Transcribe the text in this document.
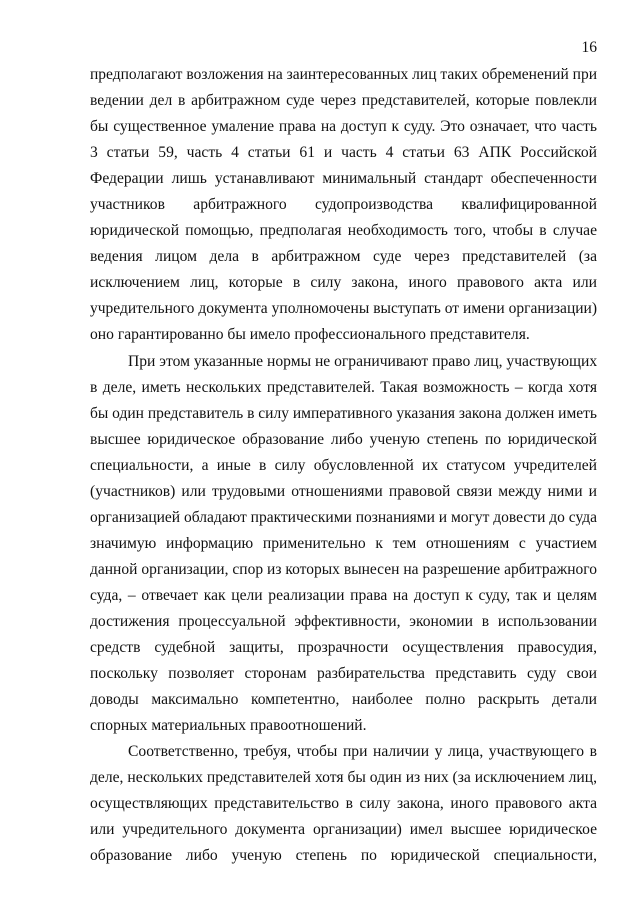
16
предполагают возложения на заинтересованных лиц таких обременений при
ведении дел в арбитражном суде через представителей, которые повлекли
бы существенное умаление права на доступ к суду. Это означает, что часть
3 статьи 59, часть 4 статьи 61 и часть 4 статьи 63 АПК Российской
Федерации лишь устанавливают минимальный стандарт обеспеченности
участников арбитражного судопроизводства квалифицированной
юридической помощью, предполагая необходимость того, чтобы в случае
ведения лицом дела в арбитражном суде через представителей (за
исключением лиц, которые в силу закона, иного правового акта или
учредительного документа уполномочены выступать от имени организации)
оно гарантированно бы имело профессионального представителя.
При этом указанные нормы не ограничивают право лиц, участвующих
в деле, иметь нескольких представителей. Такая возможность – когда хотя
бы один представитель в силу императивного указания закона должен иметь
высшее юридическое образование либо ученую степень по юридической
специальности, а иные в силу обусловленной их статусом учредителей
(участников) или трудовыми отношениями правовой связи между ними и
организацией обладают практическими познаниями и могут довести до суда
значимую информацию применительно к тем отношениям с участием
данной организации, спор из которых вынесен на разрешение арбитражного
суда, – отвечает как цели реализации права на доступ к суду, так и целям
достижения процессуальной эффективности, экономии в использовании
средств судебной защиты, прозрачности осуществления правосудия,
поскольку позволяет сторонам разбирательства представить суду свои
доводы максимально компетентно, наиболее полно раскрыть детали
спорных материальных правоотношений.
Соответственно, требуя, чтобы при наличии у лица, участвующего в
деле, нескольких представителей хотя бы один из них (за исключением лиц,
осуществляющих представительство в силу закона, иного правового акта
или учредительного документа организации) имел высшее юридическое
образование либо ученую степень по юридической специальности,
